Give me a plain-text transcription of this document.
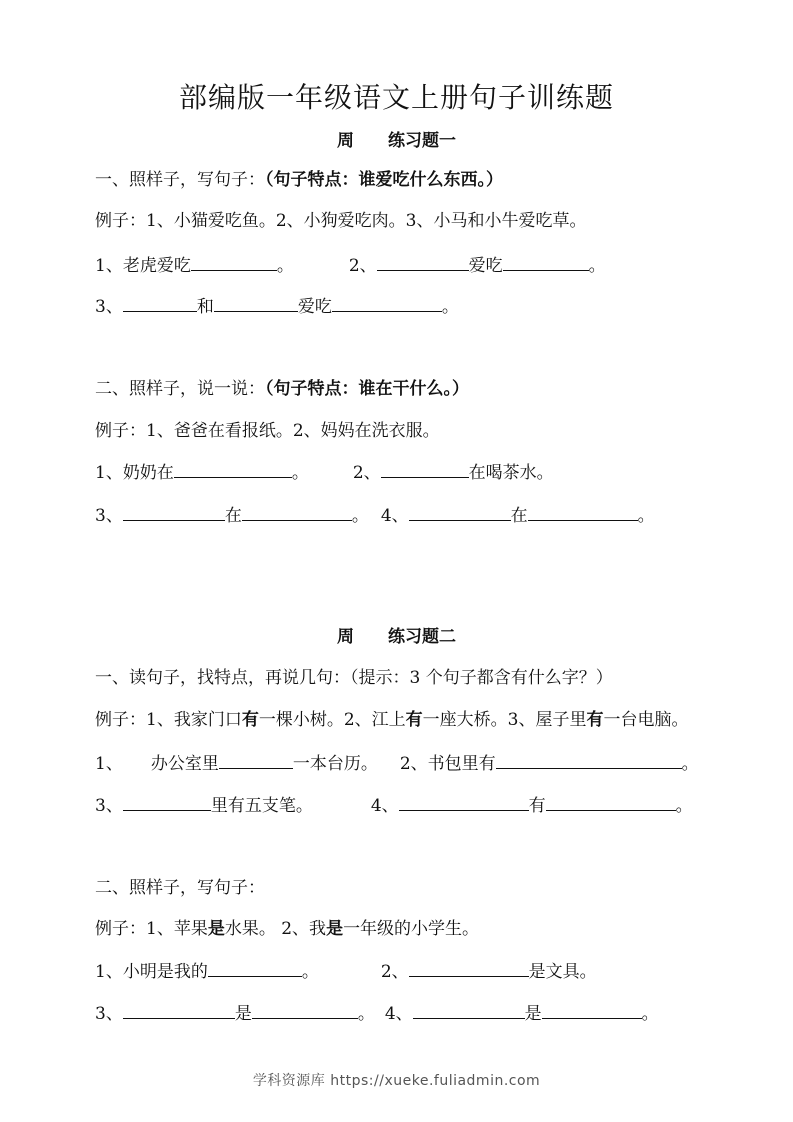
部编版一年级语文上册句子训练题
周 练习题一
一、照样子，写句子：（句子特点：谁爱吃什么东西。）
例子：1、小猫爱吃鱼。2、小狗爱吃肉。3、小马和小牛爱吃草。
1、老虎爱吃	。	2、	爱吃	。
3、	和	爱吃	。
二、照样子，说一说：（句子特点：谁在干什么。）
例子：1、爸爸在看报纸。2、妈妈在洗衣服。
1、奶奶在	。	2、	在喝茶水。
3、	在	。 4、	在	。
周 练习题二
一、读句子，找特点，再说几句：（提示：3 个句子都含有什么字？）
例子：1、我家门口有一棵小树。2、江上有一座大桥。3、屋子里有一台电脑。
1、 办公室里	一本台历。 2、书包里有	。
3、	里有五支笔。	4、	有	。
二、照样子，写句子：
例子：1、苹果是水果。 2、我是一年级的小学生。
1、小明是我的	。	2、	是文具。
3、	是	。 4、	是	。
学科资源库 https://xueke.fuliadmin.com
